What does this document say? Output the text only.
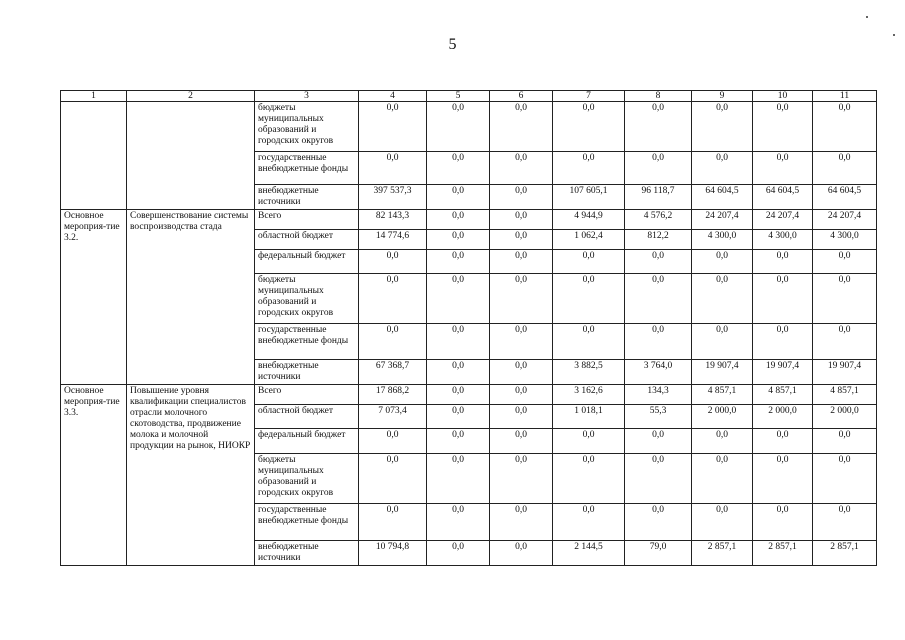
5
1	2	3	4	5	6	7	8	9	10	11
		бюджеты муниципальных образований и городских округов	0,0	0,0	0,0	0,0	0,0	0,0	0,0	0,0
		государственные внебюджетные фонды	0,0	0,0	0,0	0,0	0,0	0,0	0,0	0,0
		внебюджетные источники	397 537,3	0,0	0,0	107 605,1	96 118,7	64 604,5	64 604,5	64 604,5
Основное мероприя-тие 3.2.	Совершенствование системы воспроизводства стада	Всего	82 143,3	0,0	0,0	4 944,9	4 576,2	24 207,4	24 207,4	24 207,4
		областной бюджет	14 774,6	0,0	0,0	1 062,4	812,2	4 300,0	4 300,0	4 300,0
		федеральный бюджет	0,0	0,0	0,0	0,0	0,0	0,0	0,0	0,0
		бюджеты муниципальных образований и городских округов	0,0	0,0	0,0	0,0	0,0	0,0	0,0	0,0
		государственные внебюджетные фонды	0,0	0,0	0,0	0,0	0,0	0,0	0,0	0,0
		внебюджетные источники	67 368,7	0,0	0,0	3 882,5	3 764,0	19 907,4	19 907,4	19 907,4
Основное мероприя-тие 3.3.	Повышение уровня квалификации специалистов отрасли молочного скотоводства, продвижение молока и молочной продукции на рынок, НИОКР	Всего	17 868,2	0,0	0,0	3 162,6	134,3	4 857,1	4 857,1	4 857,1
		областной бюджет	7 073,4	0,0	0,0	1 018,1	55,3	2 000,0	2 000,0	2 000,0
		федеральный бюджет	0,0	0,0	0,0	0,0	0,0	0,0	0,0	0,0
		бюджеты муниципальных образований и городских округов	0,0	0,0	0,0	0,0	0,0	0,0	0,0	0,0
		государственные внебюджетные фонды	0,0	0,0	0,0	0,0	0,0	0,0	0,0	0,0
		внебюджетные источники	10 794,8	0,0	0,0	2 144,5	79,0	2 857,1	2 857,1	2 857,1
